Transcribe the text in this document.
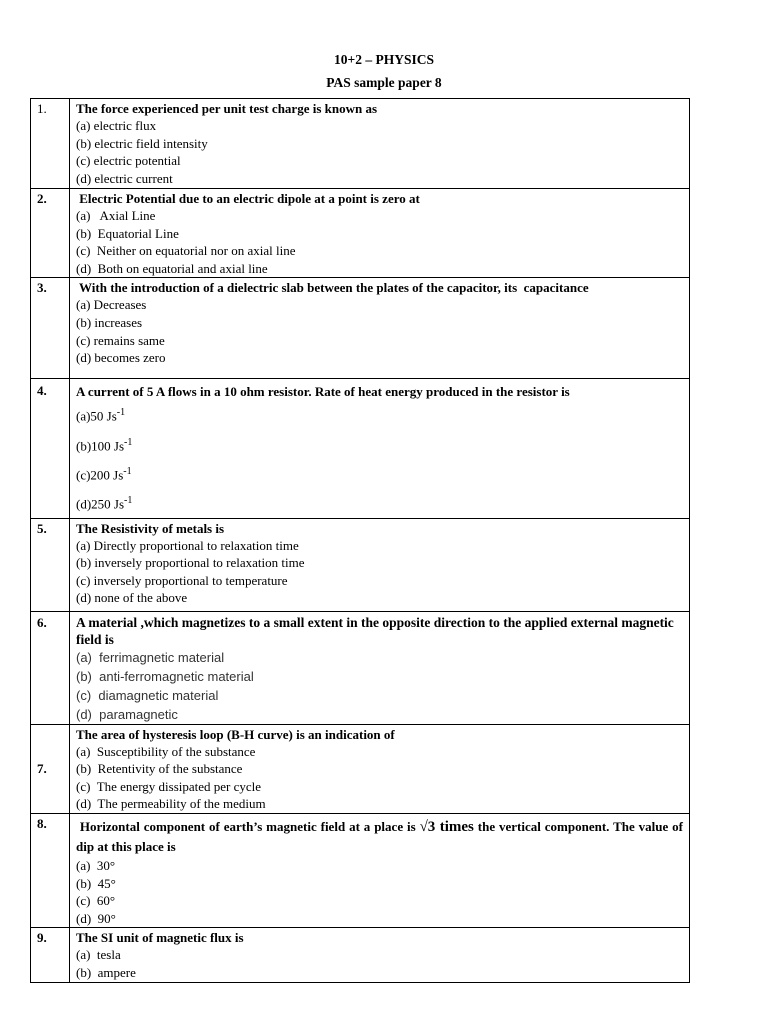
10+2 – PHYSICS
PAS sample paper 8
1.	The force experienced per unit test charge is known as
(a) electric flux
(b) electric field intensity
(c) electric potential
(d) electric current

2.	Electric Potential due to an electric dipole at a point is zero at
(a)   Axial Line
(b)  Equatorial Line
(c)  Neither on equatorial nor on axial line
(d)  Both on equatorial and axial line

3.	With the introduction of a dielectric slab between the plates of the capacitor, its  capacitance
(a) Decreases
(b) increases
(c) remains same
(d) becomes zero

4.	A current of 5 A flows in a 10 ohm resistor. Rate of heat energy produced in the resistor is
(a)50 $Js^{-1}$
(b)100 $Js^{-1}$
(c)200 $Js^{-1}$
(d)250 $Js^{-1}$

5.	The Resistivity of metals is
(a) Directly proportional to relaxation time
(b) inversely proportional to relaxation time
(c) inversely proportional to temperature
(d) none of the above

6.	A material ,which magnetizes to a small extent in the opposite direction to the applied external magnetic field is
(a)  ferrimagnetic material
(b)  anti-ferromagnetic material
(c)  diamagnetic material
(d)  paramagnetic

7.	The area of hysteresis loop (B-H curve) is an indication of
(a)  Susceptibility of the substance
(b)  Retentivity of the substance
(c)  The energy dissipated per cycle
(d)  The permeability of the medium

8.	Horizontal component of earth’s magnetic field at a place is √3 times the vertical component. The value of dip at this place is
(a)  30°
(b)  45°
(c)  60°
(d)  90°

9.	The SI unit of magnetic flux is
(a)  tesla
(b)  ampere
